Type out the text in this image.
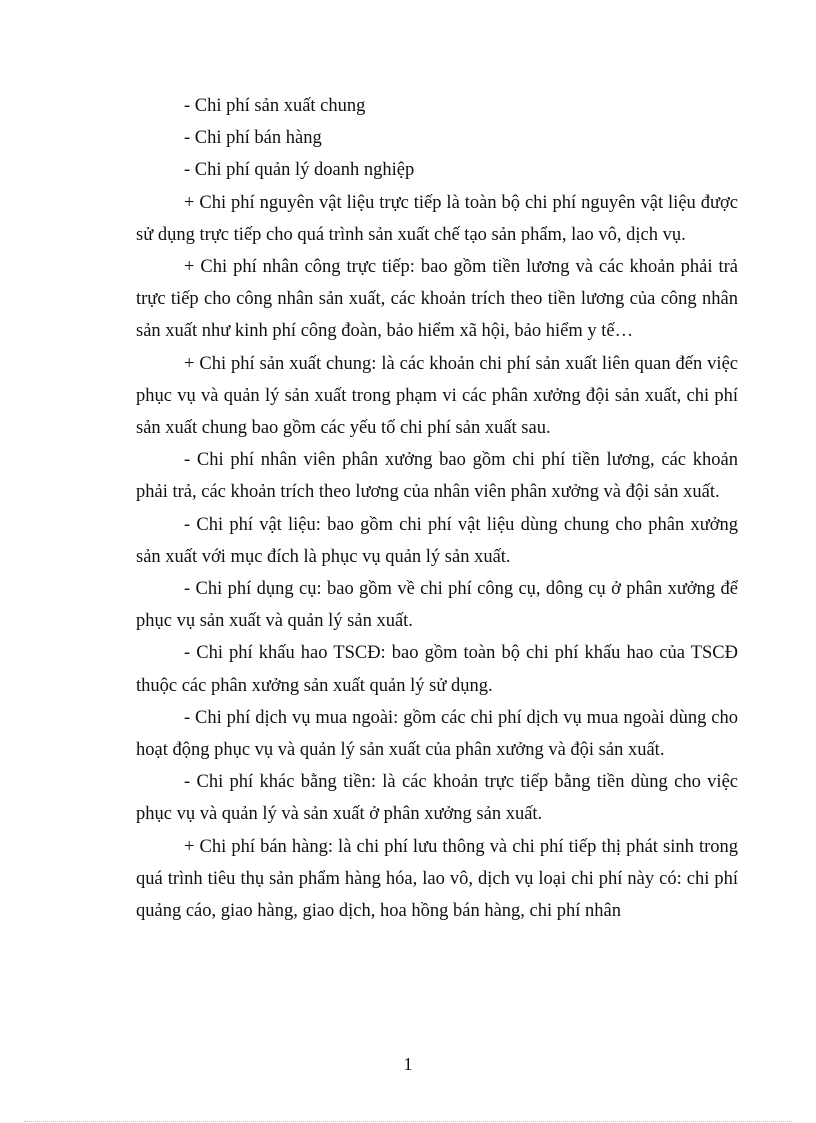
- Chi phí sản xuất chung

- Chi phí bán hàng

- Chi phí quản lý doanh nghiệp

+ Chi phí nguyên vật liệu trực tiếp là toàn bộ chi phí nguyên vật liệu được sử dụng trực tiếp cho quá trình sản xuất chế tạo sản phẩm, lao vô, dịch vụ.

+ Chi phí nhân công trực tiếp: bao gồm tiền lương và các khoản phải trả trực tiếp cho công nhân sản xuất, các khoản trích theo tiền lương của công nhân sản xuất như kinh phí công đoàn, bảo hiểm xã hội, bảo hiểm y tế…

+ Chi phí sản xuất chung: là các khoản chi phí sản xuất liên quan đến việc phục vụ và quản lý sản xuất trong phạm vi các phân xưởng đội sản xuất, chi phí sản xuất chung bao gồm các yếu tố chi phí sản xuất sau.

- Chi phí nhân viên phân xưởng bao gồm chi phí tiền lương, các khoản phải trả, các khoản trích theo lương của nhân viên phân xưởng và đội sản xuất.

- Chi phí vật liệu: bao gồm chi phí vật liệu dùng chung cho phân xưởng sản xuất với mục đích là phục vụ quản lý sản xuất.

- Chi phí dụng cụ: bao gồm về chi phí công cụ, dông cụ ở phân xưởng để phục vụ sản xuất và quản lý sản xuất.

- Chi phí khấu hao TSCĐ: bao gồm toàn bộ chi phí khấu hao của TSCĐ thuộc các phân xưởng sản xuất quản lý sử dụng.

- Chi phí dịch vụ mua ngoài: gồm các chi phí dịch vụ mua ngoài dùng cho hoạt động phục vụ và quản lý sản xuất của phân xưởng và đội sản xuất.

- Chi phí khác bằng tiền: là các khoản trực tiếp bằng tiền dùng cho việc phục vụ và quản lý và sản xuất ở phân xưởng sản xuất.

+ Chi phí bán hàng: là chi phí lưu thông và chi phí tiếp thị phát sinh trong quá trình tiêu thụ sản phẩm hàng hóa, lao vô, dịch vụ loại chi phí này có: chi phí quảng cáo, giao hàng, giao dịch, hoa hồng bán hàng, chi phí nhân

1
